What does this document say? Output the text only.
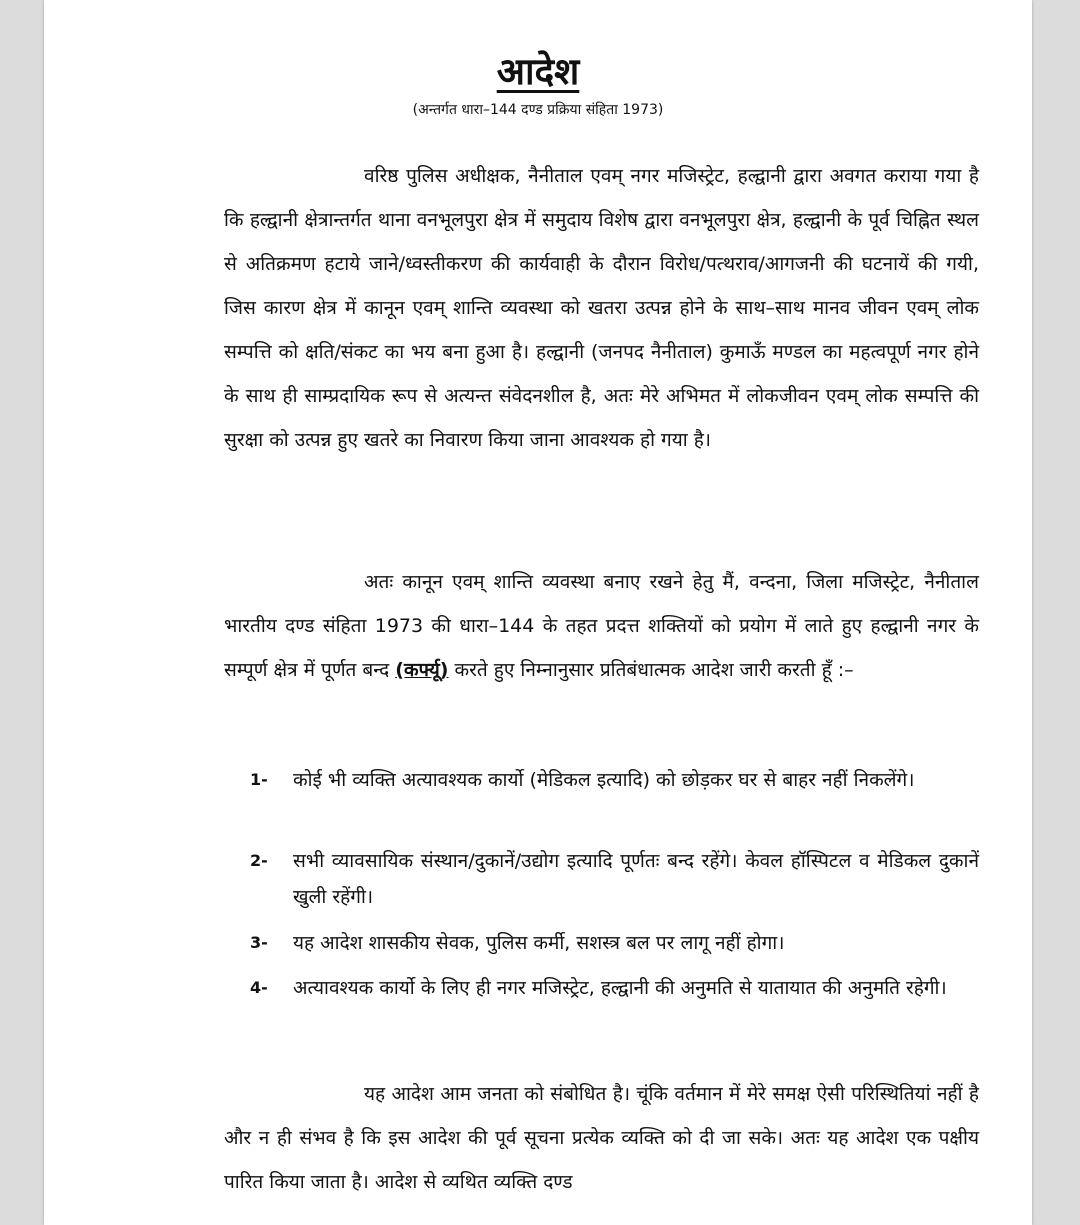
आदेश

(अन्तर्गत धारा–144 दण्ड प्रक्रिया संहिता 1973)

वरिष्ठ पुलिस अधीक्षक, नैनीताल एवम् नगर मजिस्ट्रेट, हल्द्वानी द्वारा अवगत कराया गया है कि हल्द्वानी क्षेत्रान्तर्गत थाना वनभूलपुरा क्षेत्र में समुदाय विशेष द्वारा वनभूलपुरा क्षेत्र, हल्द्वानी के पूर्व चिह्नित स्थल से अतिक्रमण हटाये जाने/ध्वस्तीकरण की कार्यवाही के दौरान विरोध/पत्थराव/आगजनी की घटनायें की गयी, जिस कारण क्षेत्र में कानून एवम् शान्ति व्यवस्था को खतरा उत्पन्न होने के साथ–साथ मानव जीवन एवम् लोक सम्पत्ति को क्षति/संकट का भय बना हुआ है। हल्द्वानी (जनपद नैनीताल) कुमाऊँ मण्डल का महत्वपूर्ण नगर होने के साथ ही साम्प्रदायिक रूप से अत्यन्त संवेदनशील है, अतः मेरे अभिमत में लोकजीवन एवम् लोक सम्पत्ति की सुरक्षा को उत्पन्न हुए खतरे का निवारण किया जाना आवश्यक हो गया है।

अतः कानून एवम् शान्ति व्यवस्था बनाए रखने हेतु मैं, वन्दना, जिला मजिस्ट्रेट, नैनीताल भारतीय दण्ड संहिता 1973 की धारा–144 के तहत प्रदत्त शक्तियों को प्रयोग में लाते हुए हल्द्वानी नगर के सम्पूर्ण क्षेत्र में पूर्णत बन्द (कर्फ्यू) करते हुए निम्नानुसार प्रतिबंधात्मक आदेश जारी करती हूँ :–

1- कोई भी व्यक्ति अत्यावश्यक कार्यो (मेडिकल इत्यादि) को छोड़कर घर से बाहर नहीं निकलेंगे।
2- सभी व्यावसायिक संस्थान/दुकानें/उद्योग इत्यादि पूर्णतः बन्द रहेंगे। केवल हॉस्पिटल व मेडिकल दुकानें खुली रहेंगी।
3- यह आदेश शासकीय सेवक, पुलिस कर्मी, सशस्त्र बल पर लागू नहीं होगा।
4- अत्यावश्यक कार्यो के लिए ही नगर मजिस्ट्रेट, हल्द्वानी की अनुमति से यातायात की अनुमति रहेगी।

यह आदेश आम जनता को संबोधित है। चूंकि वर्तमान में मेरे समक्ष ऐसी परिस्थितियां नहीं है और न ही संभव है कि इस आदेश की पूर्व सूचना प्रत्येक व्यक्ति को दी जा सके। अतः यह आदेश एक पक्षीय पारित किया जाता है। आदेश से व्यथित व्यक्ति दण्ड
